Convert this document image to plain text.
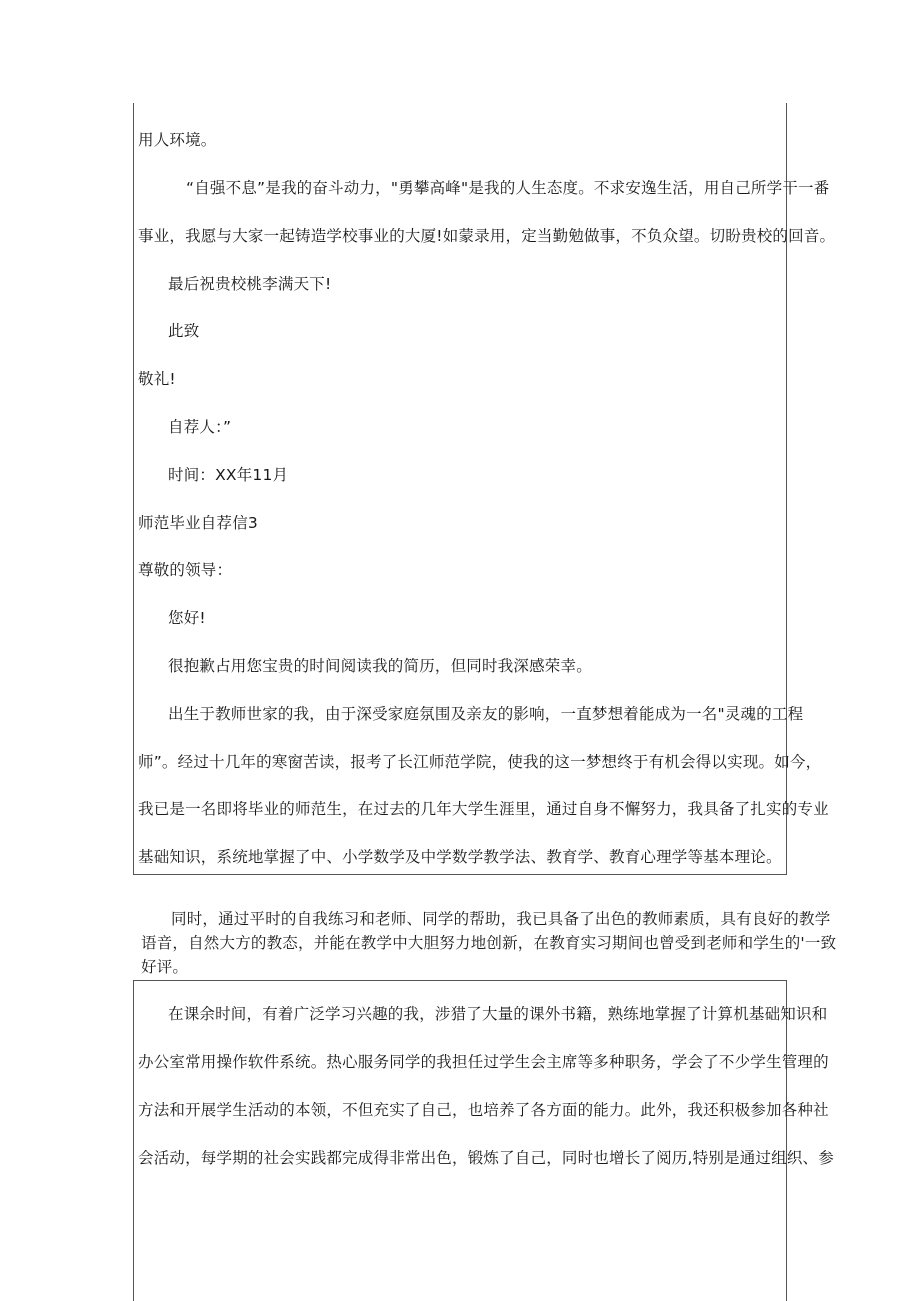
用人环境。
“自强不息”是我的奋斗动力，"勇攀高峰"是我的人生态度。不求安逸生活，用自己所学干一番
事业，我愿与大家一起铸造学校事业的大厦!如蒙录用，定当勤勉做事，不负众望。切盼贵校的回音。
最后祝贵校桃李满天下!
此致
敬礼!
自荐人：”
时间：XX年11月
师范毕业自荐信3
尊敬的领导：
您好!
很抱歉占用您宝贵的时间阅读我的简历，但同时我深感荣幸。
出生于教师世家的我，由于深受家庭氛围及亲友的影响，一直梦想着能成为一名"灵魂的工程
师”。经过十几年的寒窗苦读，报考了长江师范学院，使我的这一梦想终于有机会得以实现。如今，
我已是一名即将毕业的师范生，在过去的几年大学生涯里，通过自身不懈努力，我具备了扎实的专业
基础知识，系统地掌握了中、小学数学及中学数学教学法、教育学、教育心理学等基本理论。
同时，通过平时的自我练习和老师、同学的帮助，我已具备了出色的教师素质，具有良好的教学
语音，自然大方的教态，并能在教学中大胆努力地创新，在教育实习期间也曾受到老师和学生的'一致
好评。
在课余时间，有着广泛学习兴趣的我，涉猎了大量的课外书籍，熟练地掌握了计算机基础知识和
办公室常用操作软件系统。热心服务同学的我担任过学生会主席等多种职务，学会了不少学生管理的
方法和开展学生活动的本领，不但充实了自己，也培养了各方面的能力。此外，我还积极参加各种社
会活动，每学期的社会实践都完成得非常出色，锻炼了自己，同时也增长了阅历,特别是通过组织、参
